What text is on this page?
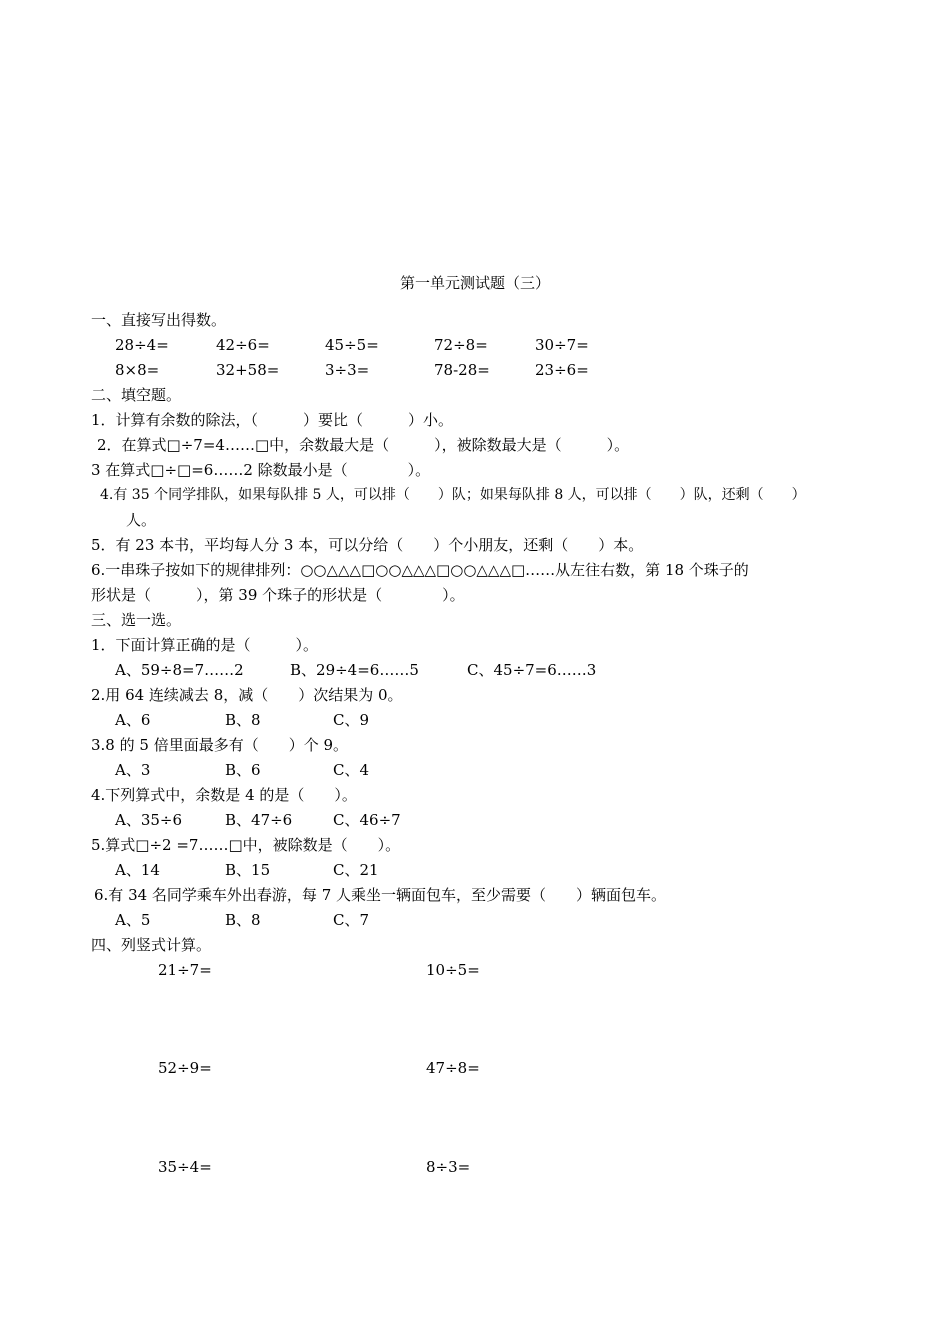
第一单元测试题（三）
一、直接写出得数。
28÷4=	42÷6=	45÷5=	72÷8=	30÷7=
8×8=	32+58=	3÷3=	78-28=	23÷6=
二、填空题。
1．计算有余数的除法，（　　　）要比（　　　）小。
2．在算式□÷7=4……□中，余数最大是（　　　），被除数最大是（　　　）。
3 在算式□÷□=6……2 除数最小是（　　　　）。
4.有 35 个同学排队，如果每队排 5 人，可以排（　　）队；如果每队排 8 人，可以排（　　）队，还剩（　　）
人。
5．有 23 本书，平均每人分 3 本，可以分给（　　）个小朋友，还剩（　　）本。
6.一串珠子按如下的规律排列：○○△△△□○○△△△□○○△△△□……从左往右数，第 18 个珠子的
形状是（　　　），第 39 个珠子的形状是（　　　　）。
三、选一选。
1．下面计算正确的是（　　　）。
A、59÷8=7……2	B、29÷4=6……5	C、45÷7=6……3
2.用 64 连续减去 8，减（　　）次结果为 0。
A、6	B、8	C、9
3.8 的 5 倍里面最多有（　　）个 9。
A、3	B、6	C、4
4.下列算式中，余数是 4 的是（　　）。
A、35÷6	B、47÷6	C、46÷7
5.算式□÷2 =7……□中，被除数是（　　）。
A、14	B、15	C、21
6.有 34 名同学乘车外出春游，每 7 人乘坐一辆面包车，至少需要（　　）辆面包车。
A、5	B、8	C、7
四、列竖式计算。
21÷7=	10÷5=
52÷9=	47÷8=
35÷4=	8÷3=
